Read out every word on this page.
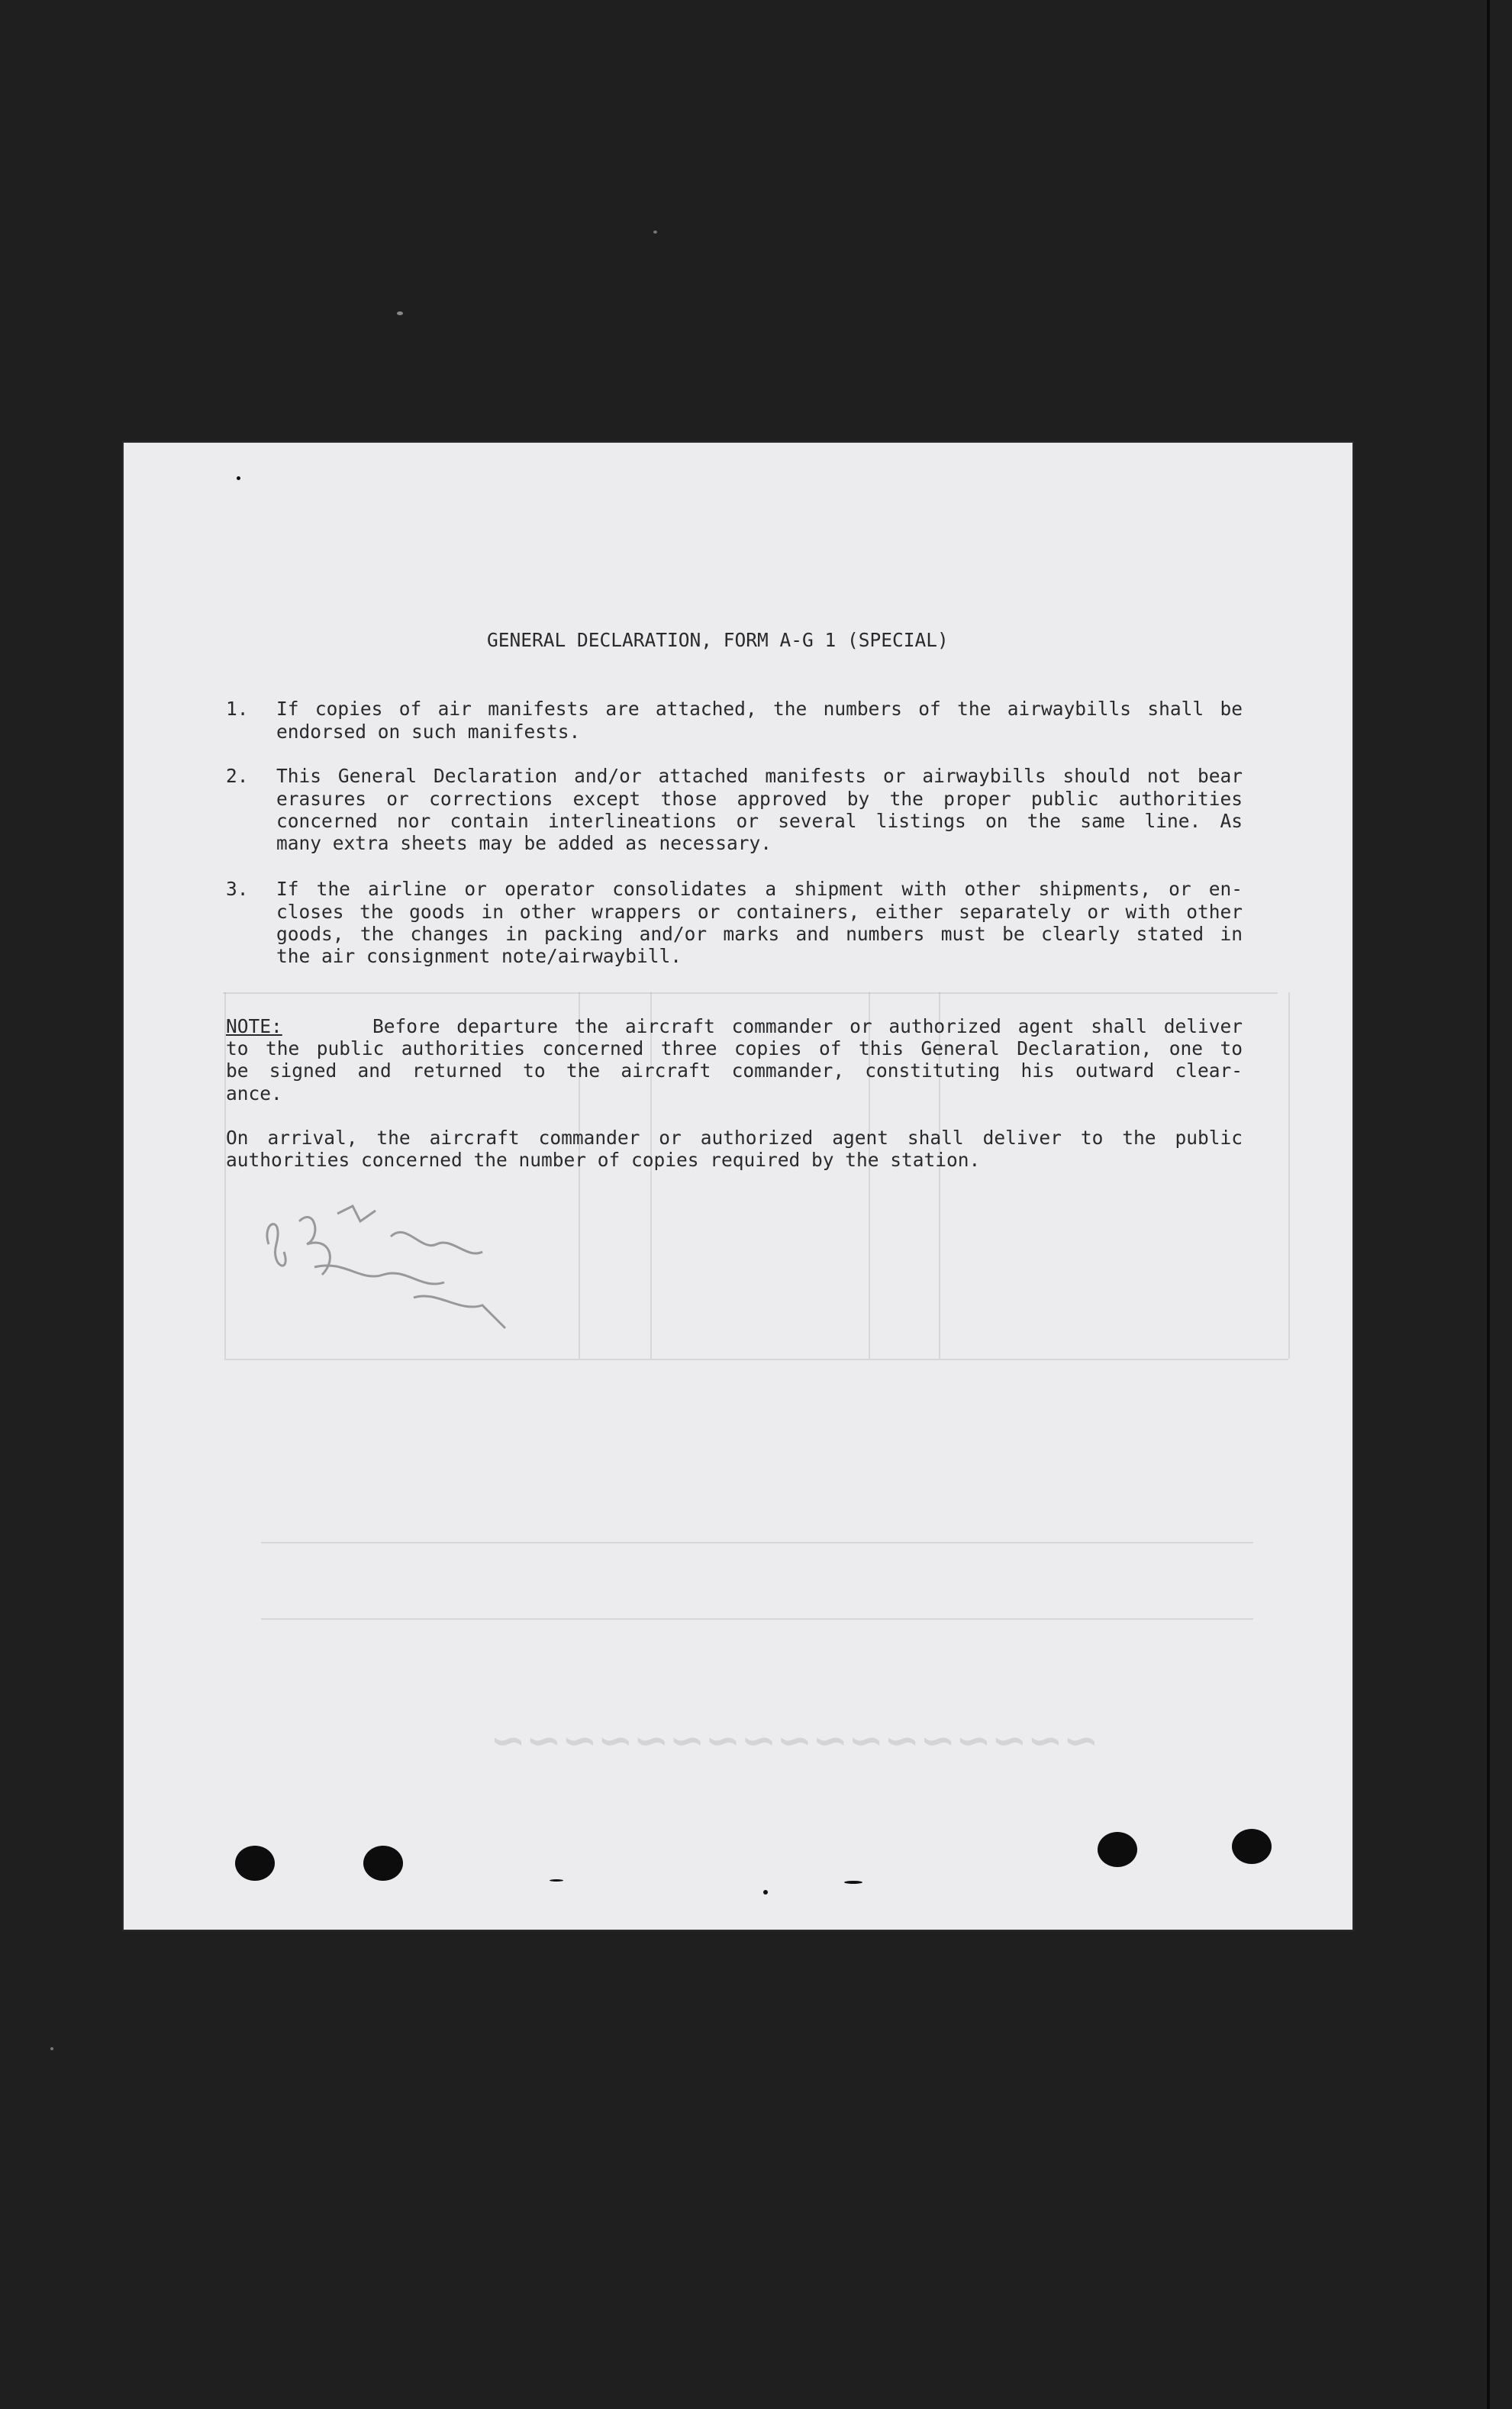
~~~~~~~~~~~~~~~~~
GENERAL DECLARATION, FORM A-G 1 (SPECIAL)
1. If copies of air manifests are attached, the numbers of the airwaybills shall be
endorsed on such manifests.
2. This General Declaration and/or attached manifests or airwaybills should not bear
erasures or corrections except those approved by the proper public authorities
concerned nor contain interlineations or several listings on the same line. As
many extra sheets may be added as necessary.
3. If the airline or operator consolidates a shipment with other shipments, or en-
closes the goods in other wrappers or containers, either separately or with other
goods, the changes in packing and/or marks and numbers must be clearly stated in
the air consignment note/airwaybill.
NOTE:	Before departure the aircraft commander or authorized agent shall deliver
to the public authorities concerned three copies of this General Declaration, one to
be signed and returned to the aircraft commander, constituting his outward clear-
ance.
On arrival, the aircraft commander or authorized agent shall deliver to the public
authorities concerned the number of copies required by the station.
